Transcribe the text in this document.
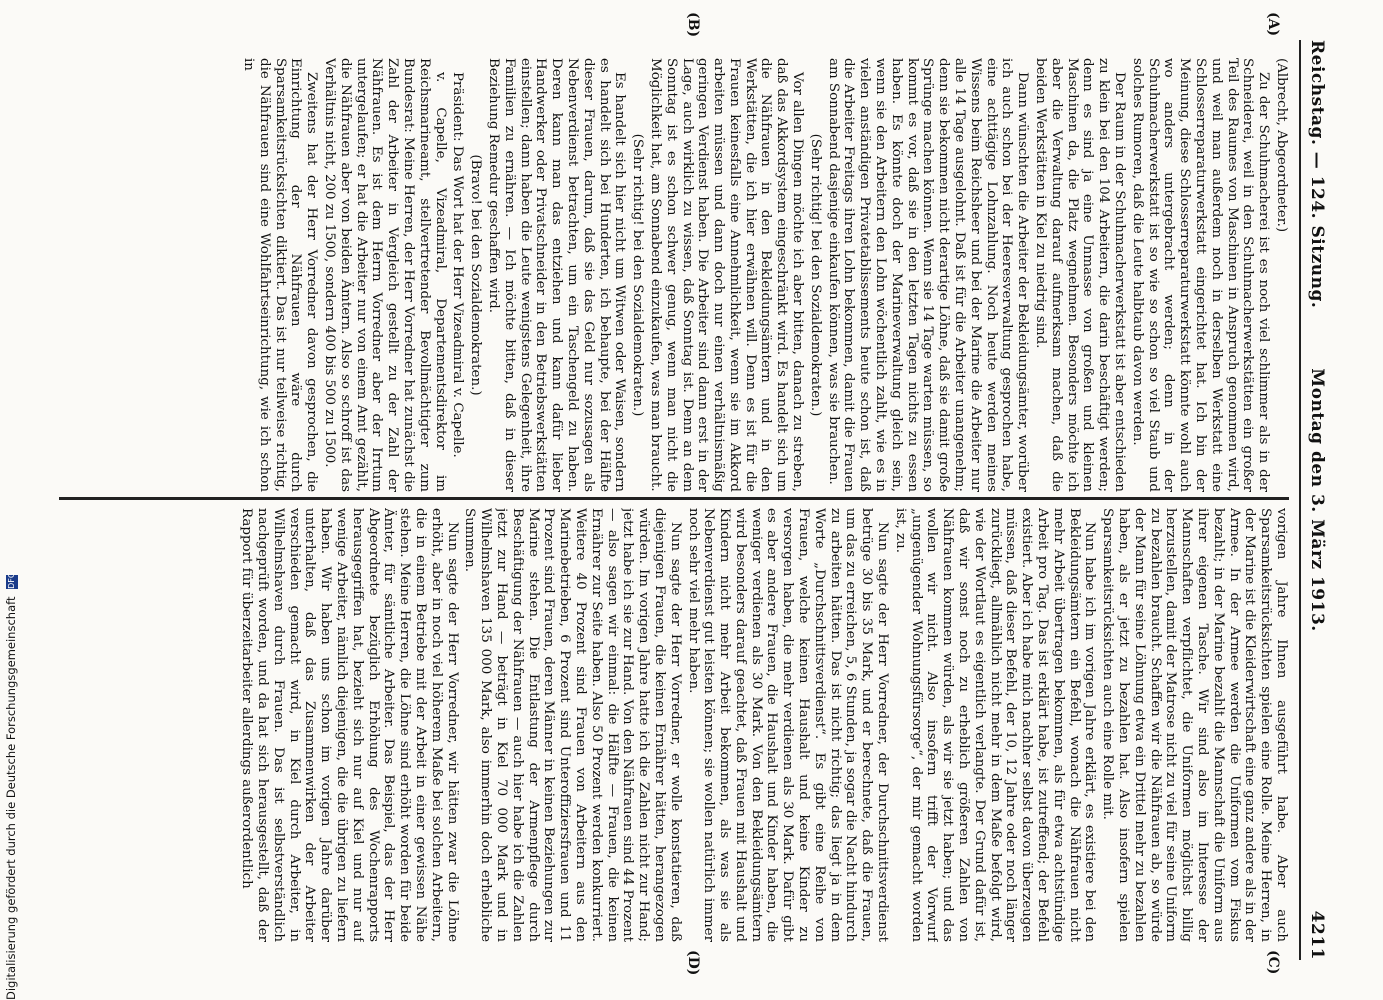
Digitalisierung gefördert durch die Deutsche Forschungsgemeinschaft DFG
Reichstag. — 124. Sitzung.
Montag den 3. März 1913.
4211
(A)
(B)
(C)
(D)

(Albrecht, Abgeordneter.)

Zu der Schuhmacherei ist es noch viel schlimmer als in der Schneiderei, weil in den Schuhmacherwerkstätten ein großer Teil des Raumes von Maschinen in Anspruch genommen wird, und weil man außerdem noch in derselben Werkstatt eine Schlosserreparaturwerkstatt eingerichtet hat. Ich bin der Meinung, diese Schlosserreparaturwerkstatt könnte wohl auch wo anders untergebracht werden; denn in der Schuhmacherwerkstatt ist so wie so schon so viel Staub und solches Rumoren, daß die Leute halbtaub davon werden.

Der Raum in der Schuhmacherwerkstatt ist aber entschieden zu klein bei den 104 Arbeitern, die darin beschäftigt werden; denn es sind ja eine Unmasse von großen und kleinen Maschinen da, die Platz wegnehmen. Besonders möchte ich aber die Verwaltung darauf aufmerksam machen, daß die beiden Werkstätten in Kiel zu niedrig sind.

Dann wünschten die Arbeiter der Bekleidungsämter, worüber ich auch schon bei der Heeresverwaltung gesprochen habe, eine achttägige Lohnzahlung. Noch heute werden meines Wissens beim Reichsheer und bei der Marine die Arbeiter nur alle 14 Tage ausgelohnt. Daß ist für die Arbeiter unangenehm; denn sie bekommen nicht derartige Löhne, daß sie damit große Sprünge machen können. Wenn sie 14 Tage warten müssen, so kommt es vor, daß sie in den letzten Tagen nichts zu essen haben. Es könnte doch der Marineverwaltung gleich sein, wenn sie den Arbeitern den Lohn wöchentlich zahlt, wie es in vielen anständigen Privatetablissements heute schon ist, daß die Arbeiter Freitags ihren Lohn bekommen, damit die Frauen am Sonnabend dasjenige einkaufen können, was sie brauchen.

(Sehr richtig! bei den Sozialdemokraten.)

Vor allen Dingen möchte ich aber bitten, danach zu streben, daß das Akkordsystem eingeschränkt wird. Es handelt sich um die Nähfrauen in den Bekleidungsämtern und in den Werkstätten, die ich hier erwähnen will. Denn es ist für die Frauen keinesfalls eine Annehmlichkeit, wenn sie im Akkord arbeiten müssen und dann doch nur einen verhältnismäßig geringen Verdienst haben. Die Arbeiter sind dann erst in der Lage, auch wirklich zu wissen, daß Sonntag ist. Denn an dem Sonntag ist es schon schwer genug, wenn man nicht die Möglichkeit hat, am Sonnabend einzukaufen, was man braucht.

(Sehr richtig! bei den Sozialdemokraten.)

Es handelt sich hier nicht um Witwen oder Waisen, sondern es handelt sich bei Hunderten, ich behaupte, bei der Hälfte dieser Frauen, darum, daß sie das Geld nur sozusagen als Nebenverdienst betrachten, um ein Taschengeld zu haben. Deren kann man das entziehen und kann dafür lieber Handwerker oder Privatschneider in den Betriebswerkstätten einstellen; dann haben die Leute wenigstens Gelegenheit, ihre Familien zu ernähren. — Ich möchte bitten, daß in dieser Beziehung Remedur geschaffen wird.

(Bravo! bei den Sozialdemokraten.)

Präsident: Das Wort hat der Herr Vizeadmiral v. Capelle.

v. Capelle, Vizeadmiral, Departementsdirektor im Reichsmarineamt, stellvertretender Bevollmächtigter zum Bundesrat: Meine Herren, der Herr Vorredner hat zunächst die Zahl der Arbeiter in Vergleich gestellt zu der Zahl der Nähfrauen. Es ist dem Herrn Vorredner aber der Irrtum untergelaufen; er hat die Arbeiter nur von einem Amt gezählt, die Nähfrauen aber von beiden Ämtern. Also so schroff ist das Verhältnis nicht, 200 zu 1500, sondern 400 bis 500 zu 1500.

Zweitens hat der Herr Vorredner davon gesprochen, die Einrichtung der Nähfrauen wäre durch Sparsamkeitsrücksichten diktiert. Das ist nur teilweise richtig, die Nähfrauen sind eine Wohlfahrtseinrichtung, wie ich schon in

vorigen Jahre Ihnen ausgeführt habe. Aber auch Sparsamkeitsrücksichten spielen eine Rolle. Meine Herren, in der Marine ist die Kleiderwirtschaft eine ganz andere als in der Armee. In der Armee werden die Uniformen vom Fiskus bezahlt; in der Marine bezahlt die Mannschaft die Uniform aus ihrer eigenen Tasche. Wir sind also im Interesse der Mannschaften verpflichtet, die Uniformen möglichst billig herzustellen, damit der Matrose nicht zu viel für seine Uniform zu bezahlen braucht. Schaffen wir die Nähfrauen ab, so würde der Mann für seine Löhnung etwa ein Drittel mehr zu bezahlen haben, als er jetzt zu bezahlen hat. Also insofern spielen Sparsamkeitsrücksichten auch eine Rolle mit.

Nun habe ich im vorigen Jahre erklärt, es existiere bei den Bekleidungsämtern ein Befehl, wonach die Nähfrauen nicht mehr Arbeit übertragen bekommen, als für etwa achtstündige Arbeit pro Tag. Das ist erklärt habe, ist zutreffend; der Befehl existiert. Aber ich habe mich nachher selbst davon überzeugen müssen, daß dieser Befehl, der 10, 12 Jahre oder noch länger zurückliegt, allmählich nicht mehr in dem Maße befolgt wird, wie der Wortlaut es eigentlich verlangte. Der Grund dafür ist, daß wir sonst noch zu erheblich größeren Zahlen von Nähfrauen kommen würden, als wir sie jetzt haben; und das wollen wir nicht. Also insofern trifft der Vorwurf „ungenügender Wohnungsfürsorge“, der mir gemacht worden ist, zu.

Nun sagte der Herr Vorredner, der Durchschnittsverdienst betrüge 30 bis 35 Mark, und er berechnete, daß die Frauen, um das zu erreichen, 5, 6 Stunden, ja sogar die Nacht hindurch zu arbeiten hätten. Das ist nicht richtig; das liegt ja in dem Worte „Durchschnittsverdienst“. Es gibt eine Reihe von Frauen, welche keinen Haushalt und keine Kinder zu versorgen haben, die mehr verdienen als 30 Mark. Dafür gibt es aber andere Frauen, die Haushalt und Kinder haben, die weniger verdienen als 30 Mark. Von den Bekleidungsämtern wird besonders darauf geachtet, daß Frauen mit Haushalt und Kindern nicht mehr Arbeit bekommen, als was sie als Nebenverdienst gut leisten können; sie wollen natürlich immer noch sehr viel mehr haben.

Nun sagte der Herr Vorredner, er wolle konstatieren, daß diejenigen Frauen, die keinen Ernährer hätten, herangezogen würden. Im vorigen Jahre hatte ich die Zahlen nicht zur Hand; jetzt habe ich sie zur Hand. Von den Nähfrauen sind 44 Prozent — also sagen wir einmal: die Hälfte — Frauen, die keinen Ernährer zur Seite haben. Also 50 Prozent werden konkurriert. Weitere 40 Prozent sind Frauen von Arbeitern aus den Marinebetrieben, 6 Prozent sind Unteroffiziersfrauen und 11 Prozent sind Frauen, deren Männer in keinen Beziehungen zur Marine stehen. Die Entlastung der Armenpflege durch Beschäftigung der Nähfrauen — auch hier habe ich die Zahlen jetzt zur Hand — beträgt in Kiel 70 000 Mark und in Wilhelmshaven 135 000 Mark, also immerhin doch erhebliche Summen.

Nun sagte der Herr Vorredner, wir hätten zwar die Löhne erhöht, aber in noch viel höherem Maße bei solchen Arbeitern, die in einem Betriebe mit der Arbeit in einer gewissen Nähe stehen. Meine Herren, die Löhne sind erhöht worden für beide Ämter, für sämtliche Arbeiter. Das Beispiel, das der Herr Abgeordnete bezüglich Erhöhung des Wochenrapports herausgegriffen hat, bezieht sich nur auf Kiel und nur auf wenige Arbeiter, nämlich diejenigen, die die übrigen zu liefern haben. Wir haben uns schon im vorigen Jahre darüber unterhalten, daß das Zusammenwirken der Arbeiter verschieden gemacht wird, in Kiel durch Arbeiter, in Wilhelmshaven durch Frauen. Das ist selbstverständlich nachgeprüft worden, und da hat sich herausgestellt, daß der Rapport für überzeitarbeiter allerdings außerordentlich
